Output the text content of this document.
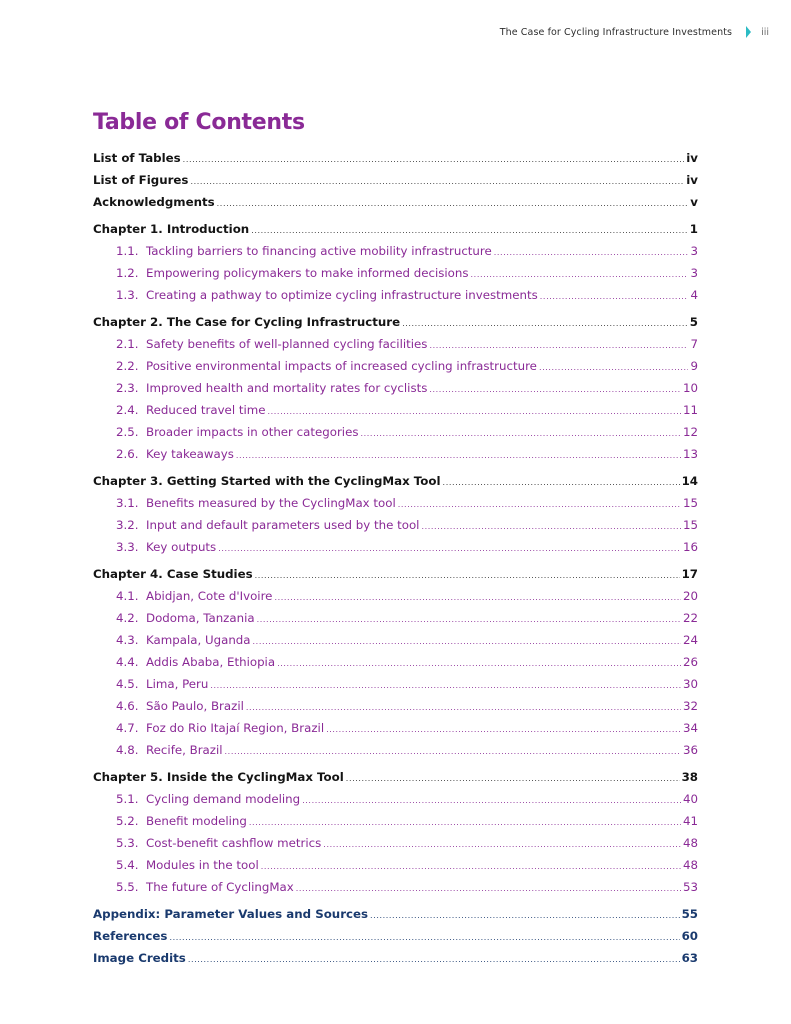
The Case for Cycling Infrastructure Investments	iii
Table of Contents
List of Tables .....	iv
List of Figures .....	iv
Acknowledgments .....	v
Chapter 1. Introduction .....	1
1.1. Tackling barriers to financing active mobility infrastructure .....	3
1.2. Empowering policymakers to make informed decisions .....	3
1.3. Creating a pathway to optimize cycling infrastructure investments .....	4
Chapter 2. The Case for Cycling Infrastructure .....	5
2.1. Safety benefits of well-planned cycling facilities .....	7
2.2. Positive environmental impacts of increased cycling infrastructure .....	9
2.3. Improved health and mortality rates for cyclists .....	10
2.4. Reduced travel time .....	11
2.5. Broader impacts in other categories .....	12
2.6. Key takeaways .....	13
Chapter 3. Getting Started with the CyclingMax Tool .....	14
3.1. Benefits measured by the CyclingMax tool .....	15
3.2. Input and default parameters used by the tool .....	15
3.3. Key outputs .....	16
Chapter 4. Case Studies .....	17
4.1. Abidjan, Cote d'Ivoire .....	20
4.2. Dodoma, Tanzania .....	22
4.3. Kampala, Uganda .....	24
4.4. Addis Ababa, Ethiopia .....	26
4.5. Lima, Peru .....	30
4.6. São Paulo, Brazil .....	32
4.7. Foz do Rio Itajaí Region, Brazil .....	34
4.8. Recife, Brazil .....	36
Chapter 5. Inside the CyclingMax Tool .....	38
5.1. Cycling demand modeling .....	40
5.2. Benefit modeling .....	41
5.3. Cost-benefit cashflow metrics .....	48
5.4. Modules in the tool .....	48
5.5. The future of CyclingMax .....	53
Appendix: Parameter Values and Sources .....	55
References .....	60
Image Credits .....	63
